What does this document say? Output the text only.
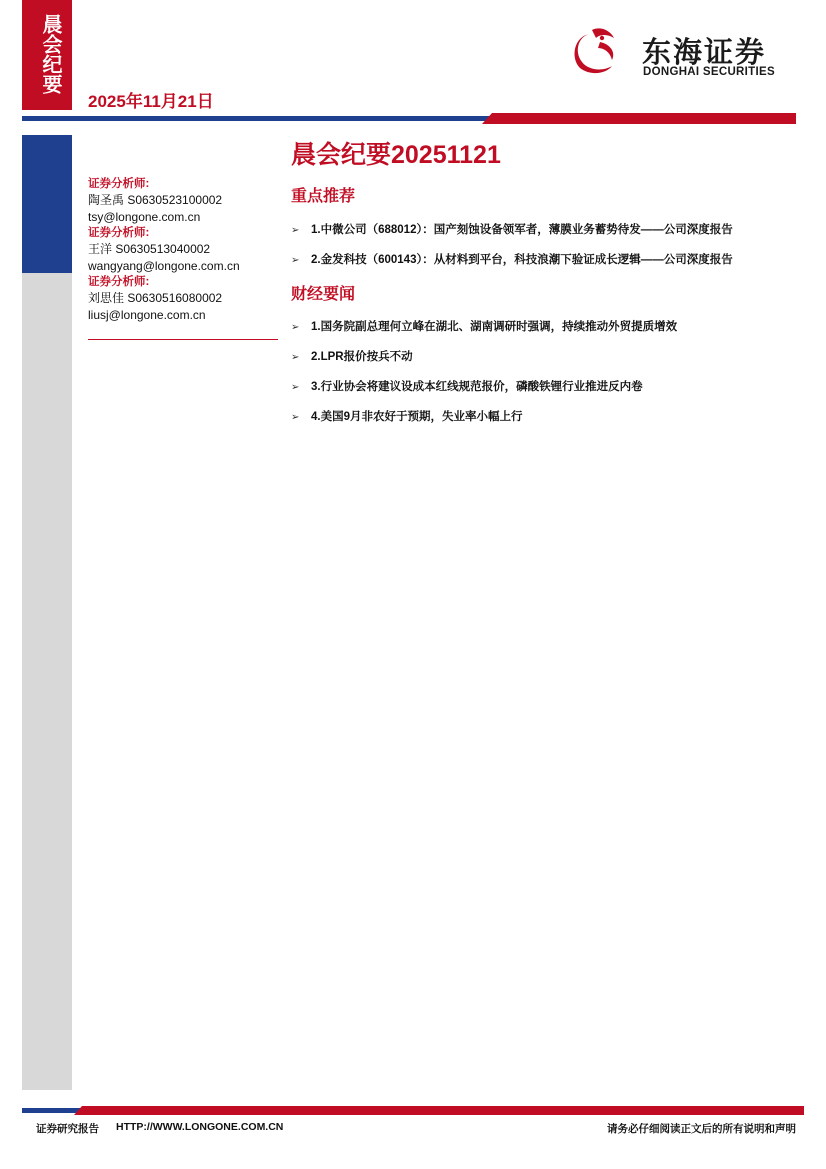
晨会纪要
2025年11月21日
东海证券
DONGHAI SECURITIES
证券分析师:
陶圣禹 S0630523100002
tsy@longone.com.cn
证券分析师:
王洋 S0630513040002
wangyang@longone.com.cn
证券分析师:
刘思佳 S0630516080002
liusj@longone.com.cn
晨会纪要20251121
重点推荐
➢ 1.中微公司（688012）：国产刻蚀设备领军者，薄膜业务蓄势待发——公司深度报告
➢ 2.金发科技（600143）：从材料到平台，科技浪潮下验证成长逻辑——公司深度报告
财经要闻
➢ 1.国务院副总理何立峰在湖北、湖南调研时强调，持续推动外贸提质增效
➢ 2.LPR报价按兵不动
➢ 3.行业协会将建议设成本红线规范报价，磷酸铁锂行业推进反内卷
➢ 4.美国9月非农好于预期，失业率小幅上行
证券研究报告 HTTP://WWW.LONGONE.COM.CN	请务必仔细阅读正文后的所有说明和声明
